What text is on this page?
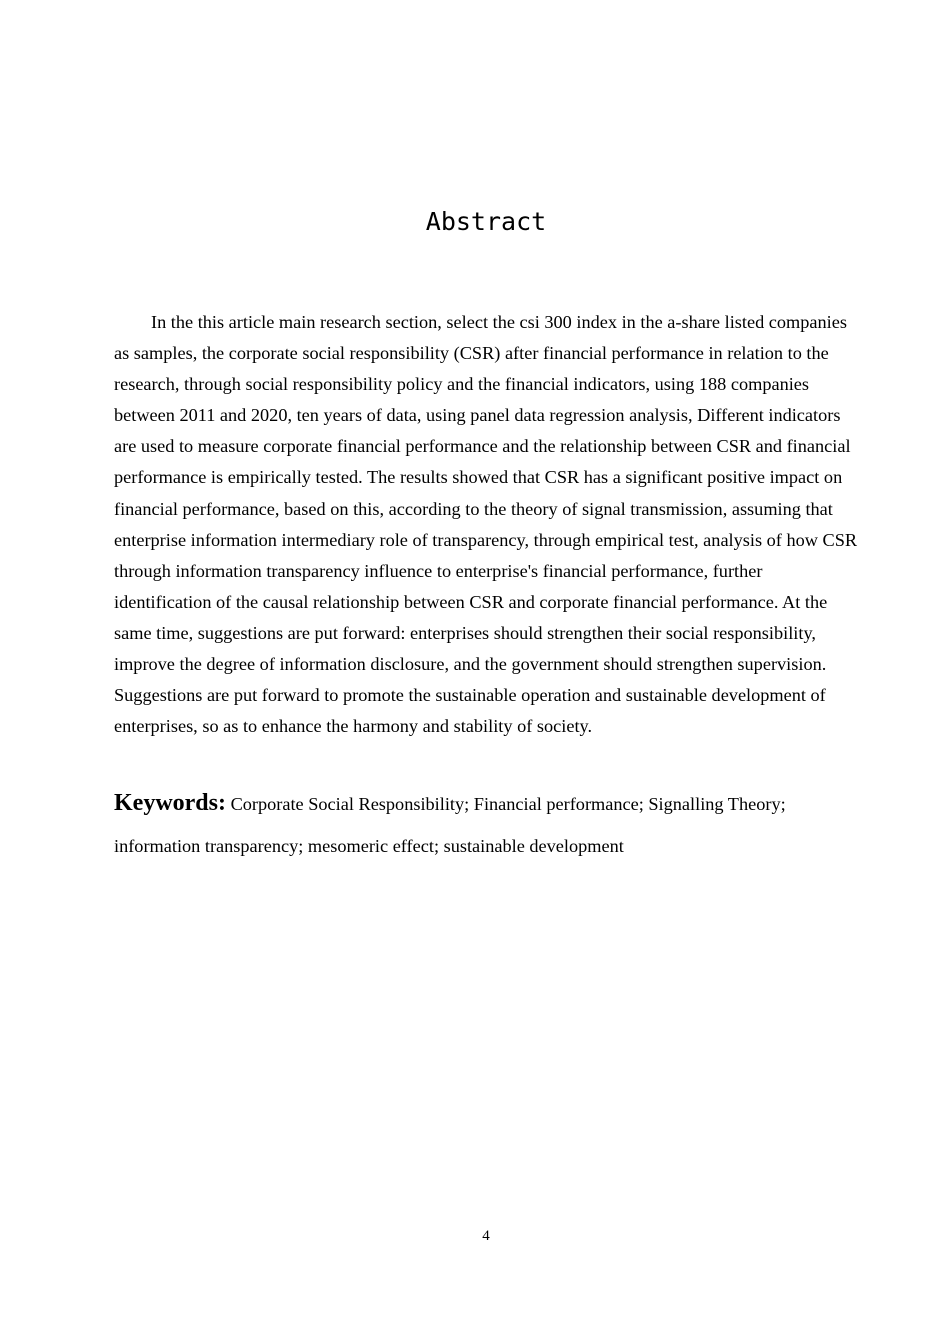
Abstract

In the this article main research section, select the csi 300 index in the a-share listed companies as samples, the corporate social responsibility (CSR) after financial performance in relation to the research, through social responsibility policy and the financial indicators, using 188 companies between 2011 and 2020, ten years of data, using panel data regression analysis, Different indicators are used to measure corporate financial performance and the relationship between CSR and financial performance is empirically tested. The results showed that CSR has a significant positive impact on financial performance, based on this, according to the theory of signal transmission, assuming that enterprise information intermediary role of transparency, through empirical test, analysis of how CSR through information transparency influence to enterprise's financial performance, further identification of the causal relationship between CSR and corporate financial performance. At the same time, suggestions are put forward: enterprises should strengthen their social responsibility, improve the degree of information disclosure, and the government should strengthen supervision. Suggestions are put forward to promote the sustainable operation and sustainable development of enterprises, so as to enhance the harmony and stability of society.

Keywords: Corporate Social Responsibility; Financial performance; Signalling Theory; information transparency; mesomeric effect; sustainable development

4
